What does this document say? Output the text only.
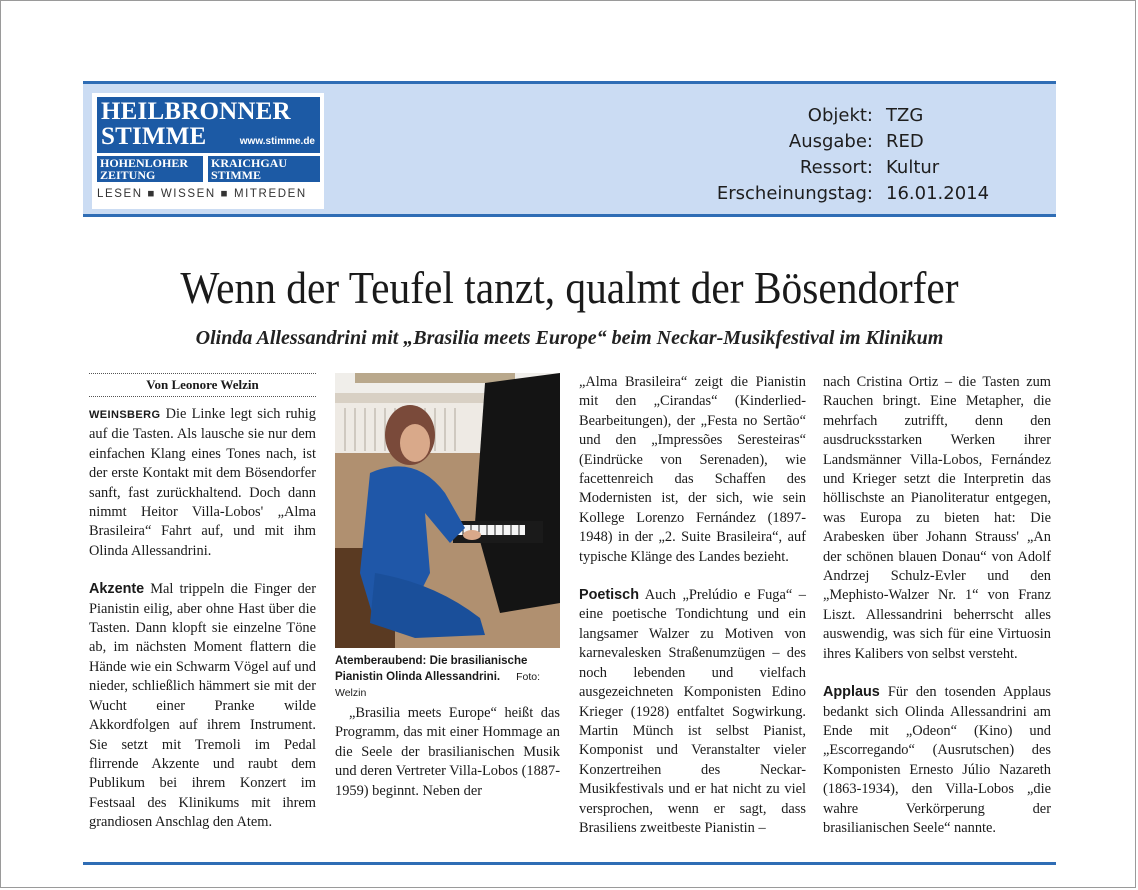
HEILBRONNER
STIMME	www.stimme.de
HOHENLOHER
ZEITUNG
KRAICHGAU
STIMME
LESEN ■ WISSEN ■ MITREDEN
Objekt: TZG
Ausgabe: RED
Ressort: Kultur
Erscheinungstag: 16.01.2014
Wenn der Teufel tanzt, qualmt der Bösendorfer
Olinda Allessandrini mit „Brasilia meets Europe“ beim Neckar-Musikfestival im Klinikum
Von Leonore Welzin

WEINSBERG Die Linke legt sich ruhig auf die Tasten. Als lausche sie nur dem einfachen Klang eines Tones nach, ist der erste Kontakt mit dem Bösendorfer sanft, fast zurückhaltend. Doch dann nimmt Heitor Villa-Lobos' „Alma Brasileira“ Fahrt auf, und mit ihm Olinda Allessandrini.

Akzente Mal trippeln die Finger der Pianistin eilig, aber ohne Hast über die Tasten. Dann klopft sie einzelne Töne ab, im nächsten Moment flattern die Hände wie ein Schwarm Vögel auf und nieder, schließlich hämmert sie mit der Wucht einer Pranke wilde Akkordfolgen auf ihrem Instrument. Sie setzt mit Tremoli im Pedal flirrende Akzente und raubt dem Publikum bei ihrem Konzert im Festsaal des Klinikums mit ihrem grandiosen Anschlag den Atem.

Atemberaubend: Die brasilianische Pianistin Olinda Allessandrini. Foto: Welzin

„Brasilia meets Europe“ heißt das Programm, das mit einer Hommage an die Seele der brasilianischen Musik und deren Vertreter Villa-Lobos (1887-1959) beginnt. Neben der

„Alma Brasileira“ zeigt die Pianistin mit den „Cirandas“ (Kinderlied-Bearbeitungen), der „Festa no Sertão“ und den „Impressões Seresteiras“ (Eindrücke von Serenaden), wie facettenreich das Schaffen des Modernisten ist, der sich, wie sein Kollege Lorenzo Fernández (1897-1948) in der „2. Suite Brasileira“, auf typische Klänge des Landes bezieht.

Poetisch Auch „Prelúdio e Fuga“ – eine poetische Tondichtung und ein langsamer Walzer zu Motiven von karnevalesken Straßenumzügen – des noch lebenden und vielfach ausgezeichneten Komponisten Edino Krieger (1928) entfaltet Sogwirkung. Martin Münch ist selbst Pianist, Komponist und Veranstalter vieler Konzertreihen des Neckar-Musikfestivals und er hat nicht zu viel versprochen, wenn er sagt, dass Brasiliens zweitbeste Pianistin –

nach Cristina Ortiz – die Tasten zum Rauchen bringt. Eine Metapher, die mehrfach zutrifft, denn den ausdrucksstarken Werken ihrer Landsmänner Villa-Lobos, Fernández und Krieger setzt die Interpretin das höllischste an Pianoliteratur entgegen, was Europa zu bieten hat: Die Arabesken über Johann Strauss' „An der schönen blauen Donau“ von Adolf Andrzej Schulz-Evler und den „Mephisto-Walzer Nr. 1“ von Franz Liszt. Allessandrini beherrscht alles auswendig, was sich für eine Virtuosin ihres Kalibers von selbst versteht.

Applaus Für den tosenden Applaus bedankt sich Olinda Allessandrini am Ende mit „Odeon“ (Kino) und „Escorregando“ (Ausrutschen) des Komponisten Ernesto Júlio Nazareth (1863-1934), den Villa-Lobos „die wahre Verkörperung der brasilianischen Seele“ nannte.
